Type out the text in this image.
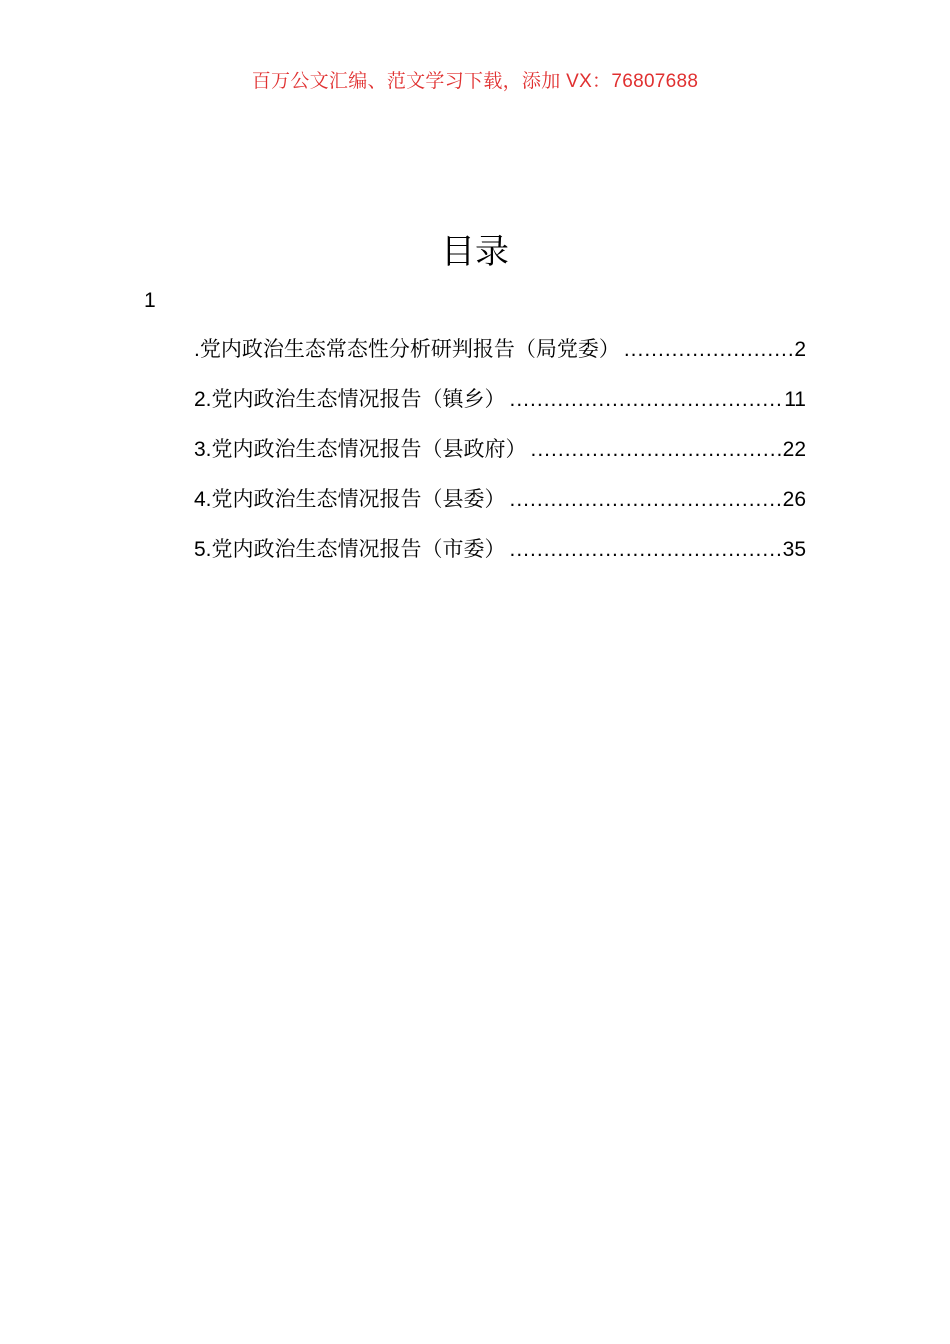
百万公文汇编、范文学习下载，添加 VX：76807688
目录
1
.党内政治生态常态性分析研判报告（局党委） .....	2
2.党内政治生态情况报告（镇乡） .....	11
3.党内政治生态情况报告（县政府） .....	22
4.党内政治生态情况报告（县委） .....	26
5.党内政治生态情况报告（市委） .....	35
